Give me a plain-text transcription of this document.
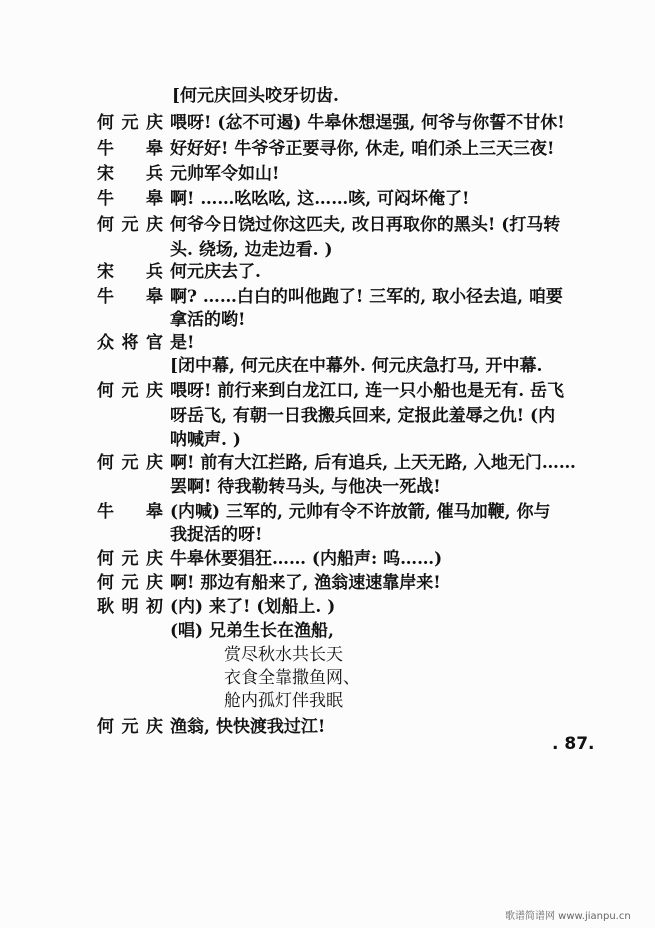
[何元庆回头咬牙切齿.
何元庆 喂呀! (忿不可遏) 牛皋休想逞强, 何爷与你誓不甘休!
牛 皋 好好好! 牛爷爷正要寻你, 休走, 咱们杀上三天三夜!
宋 兵 元帅军令如山!
牛 皋 啊! ……吆吆吆, 这……咳, 可闷坏俺了!
何元庆 何爷今日饶过你这匹夫, 改日再取你的黑头! (打马转
头. 绕场, 边走边看. )
宋 兵 何元庆去了.
牛 皋 啊? ……白白的叫他跑了! 三军的, 取小径去追, 咱要
拿活的哟!
众将官 是!
[闭中幕, 何元庆在中幕外. 何元庆急打马, 开中幕.
何元庆 喂呀! 前行来到白龙江口, 连一只小船也是无有. 岳飞
呀岳飞, 有朝一日我搬兵回来, 定报此羞辱之仇! (内
呐喊声. )
何元庆 啊! 前有大江拦路, 后有追兵, 上天无路, 入地无门……
罢啊! 待我勒转马头, 与他决一死战!
牛 皋 (内喊) 三军的, 元帅有令不许放箭, 催马加鞭, 你与
我捉活的呀!
何元庆 牛皋休要猖狂…… (内船声: 呜……)
何元庆 啊! 那边有船来了, 渔翁速速靠岸来!
耿明初 (内) 来了! (划船上. )
(唱) 兄弟生长在渔船,
赏尽秋水共长天
衣食全靠撒鱼网、
舱内孤灯伴我眠
何元庆 渔翁, 快快渡我过江!
. 87.
歌谱简谱网 www.jianpu.cn
